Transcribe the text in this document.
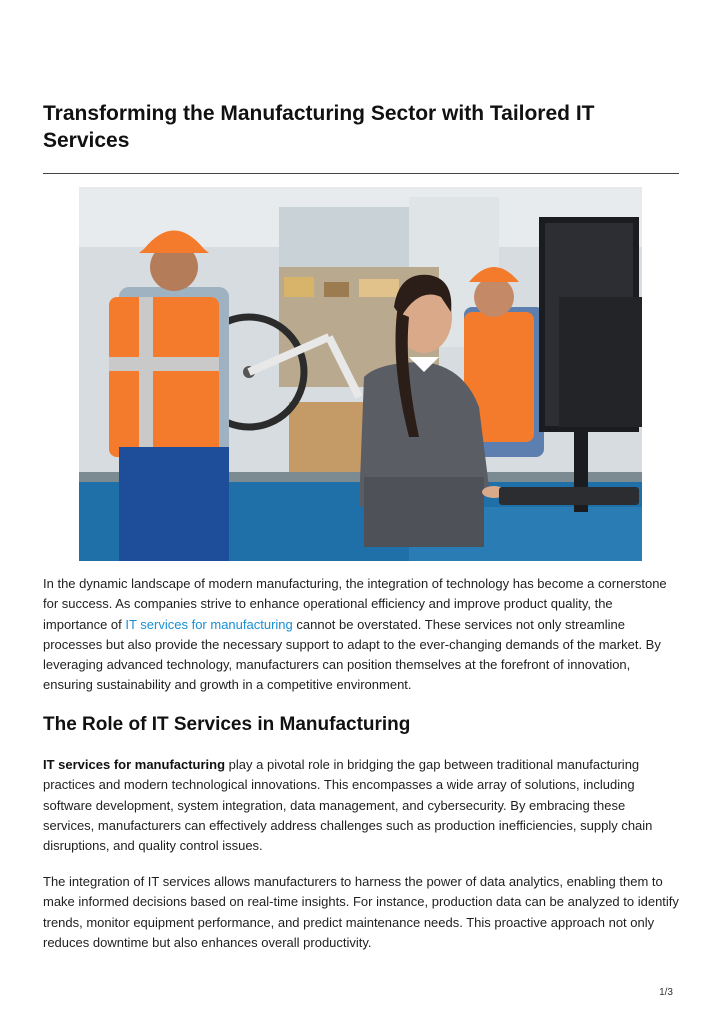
Transforming the Manufacturing Sector with Tailored IT Services

In the dynamic landscape of modern manufacturing, the integration of technology has become a cornerstone for success. As companies strive to enhance operational efficiency and improve product quality, the importance of IT services for manufacturing cannot be overstated. These services not only streamline processes but also provide the necessary support to adapt to the ever-changing demands of the market. By leveraging advanced technology, manufacturers can position themselves at the forefront of innovation, ensuring sustainability and growth in a competitive environment.

The Role of IT Services in Manufacturing

IT services for manufacturing play a pivotal role in bridging the gap between traditional manufacturing practices and modern technological innovations. This encompasses a wide array of solutions, including software development, system integration, data management, and cybersecurity. By embracing these services, manufacturers can effectively address challenges such as production inefficiencies, supply chain disruptions, and quality control issues.

The integration of IT services allows manufacturers to harness the power of data analytics, enabling them to make informed decisions based on real-time insights. For instance, production data can be analyzed to identify trends, monitor equipment performance, and predict maintenance needs. This proactive approach not only reduces downtime but also enhances overall productivity.

1/3
